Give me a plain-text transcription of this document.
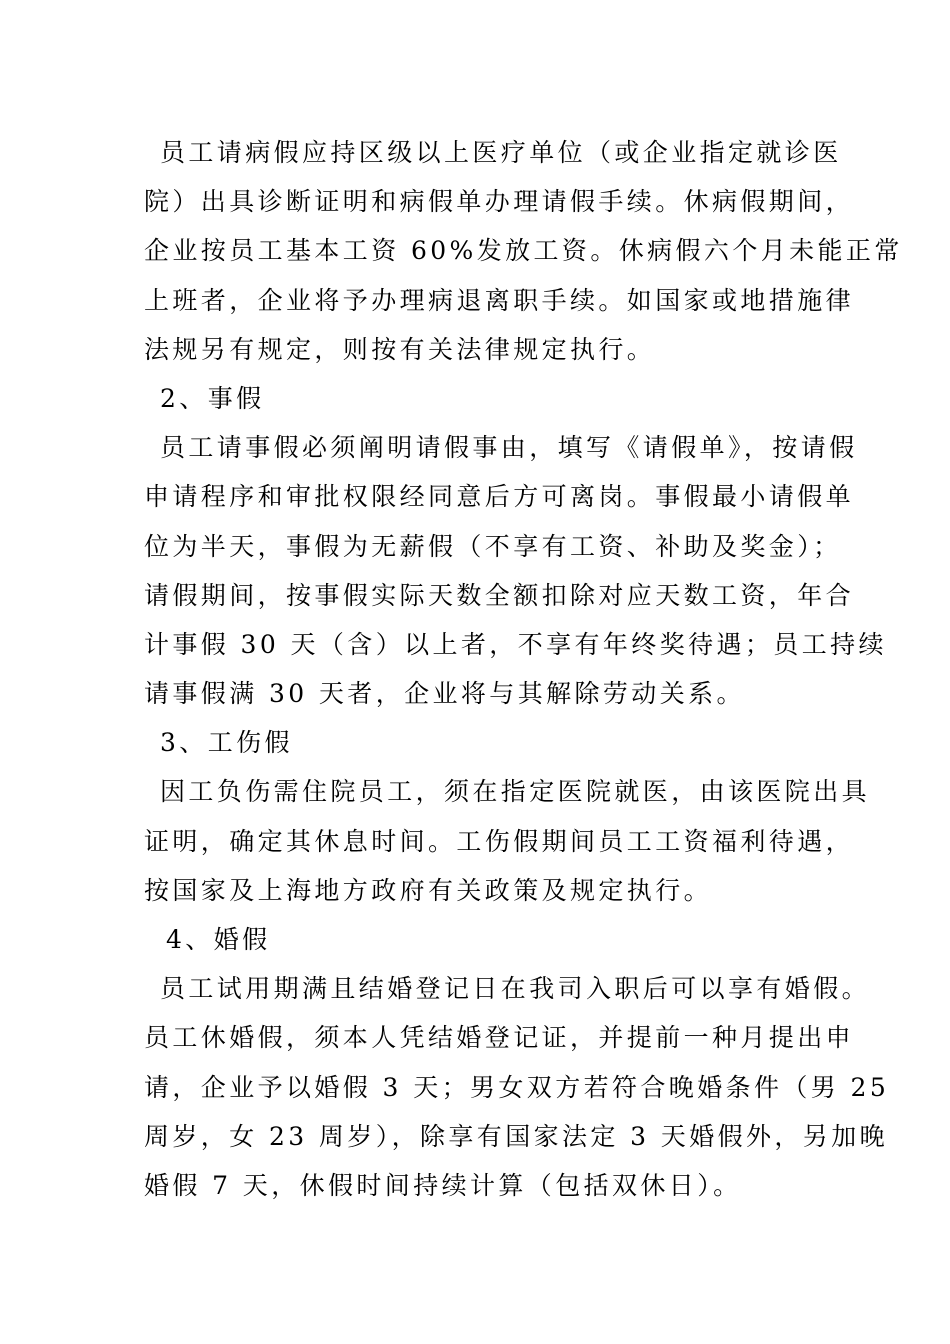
员工请病假应持区级以上医疗单位（或企业指定就诊医
院）出具诊断证明和病假单办理请假手续。休病假期间，
企业按员工基本工资 60%发放工资。休病假六个月未能正常
上班者，企业将予办理病退离职手续。如国家或地措施律
法规另有规定，则按有关法律规定执行。
2、事假
员工请事假必须阐明请假事由，填写《请假单》，按请假
申请程序和审批权限经同意后方可离岗。事假最小请假单
位为半天，事假为无薪假（不享有工资、补助及奖金）；
请假期间，按事假实际天数全额扣除对应天数工资，年合
计事假 30 天（含）以上者，不享有年终奖待遇；员工持续
请事假满 30 天者，企业将与其解除劳动关系。
3、工伤假
因工负伤需住院员工，须在指定医院就医，由该医院出具
证明，确定其休息时间。工伤假期间员工工资福利待遇，
按国家及上海地方政府有关政策及规定执行。
4、婚假
员工试用期满且结婚登记日在我司入职后可以享有婚假。
员工休婚假，须本人凭结婚登记证，并提前一种月提出申
请，企业予以婚假 3 天；男女双方若符合晚婚条件（男 25
周岁，女 23 周岁），除享有国家法定 3 天婚假外，另加晚
婚假 7 天，休假时间持续计算（包括双休日）。
